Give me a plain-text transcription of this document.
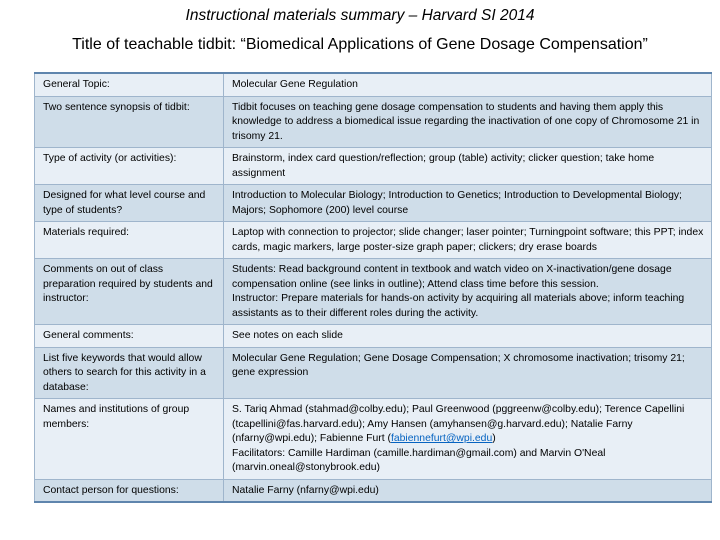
Instructional materials summary – Harvard SI 2014
Title of teachable tidbit: “Biomedical Applications of Gene Dosage Compensation”
General Topic:	Molecular Gene Regulation
Two sentence synopsis of tidbit:	Tidbit focuses on teaching gene dosage compensation to students and having them apply this knowledge to address a biomedical issue regarding the inactivation of one copy of Chromosome 21 in trisomy 21.
Type of activity (or activities):	Brainstorm, index card question/reflection; group (table) activity; clicker question; take home assignment
Designed for what level course and type of students?	Introduction to Molecular Biology; Introduction to Genetics; Introduction to Developmental Biology; Majors; Sophomore (200) level course
Materials required:	Laptop with connection to projector; slide changer; laser pointer; Turningpoint software; this PPT; index cards, magic markers, large poster-size graph paper; clickers; dry erase boards
Comments on out of class preparation required by students and instructor:	Students: Read background content in textbook and watch video on X-inactivation/gene dosage compensation online (see links in outline); Attend class time before this session.
Instructor: Prepare materials for hands-on activity by acquiring all materials above; inform teaching assistants as to their different roles during the activity.

General comments:	See notes on each slide
List five keywords that would allow others to search for this activity in a database:	Molecular Gene Regulation; Gene Dosage Compensation; X chromosome inactivation; trisomy 21; gene expression
Names and institutions of group members:	S. Tariq Ahmad (stahmad@colby.edu); Paul Greenwood (pggreenw@colby.edu); Terence Capellini (tcapellini@fas.harvard.edu); Amy Hansen (amyhansen@g.harvard.edu); Natalie Farny (nfarny@wpi.edu); Fabienne Furt (fabiennefurt@wpi.edu)
Facilitators: Camille Hardiman (camille.hardiman@gmail.com) and Marvin O'Neal (marvin.oneal@stonybrook.edu)

Contact person for questions:	Natalie Farny (nfarny@wpi.edu)
